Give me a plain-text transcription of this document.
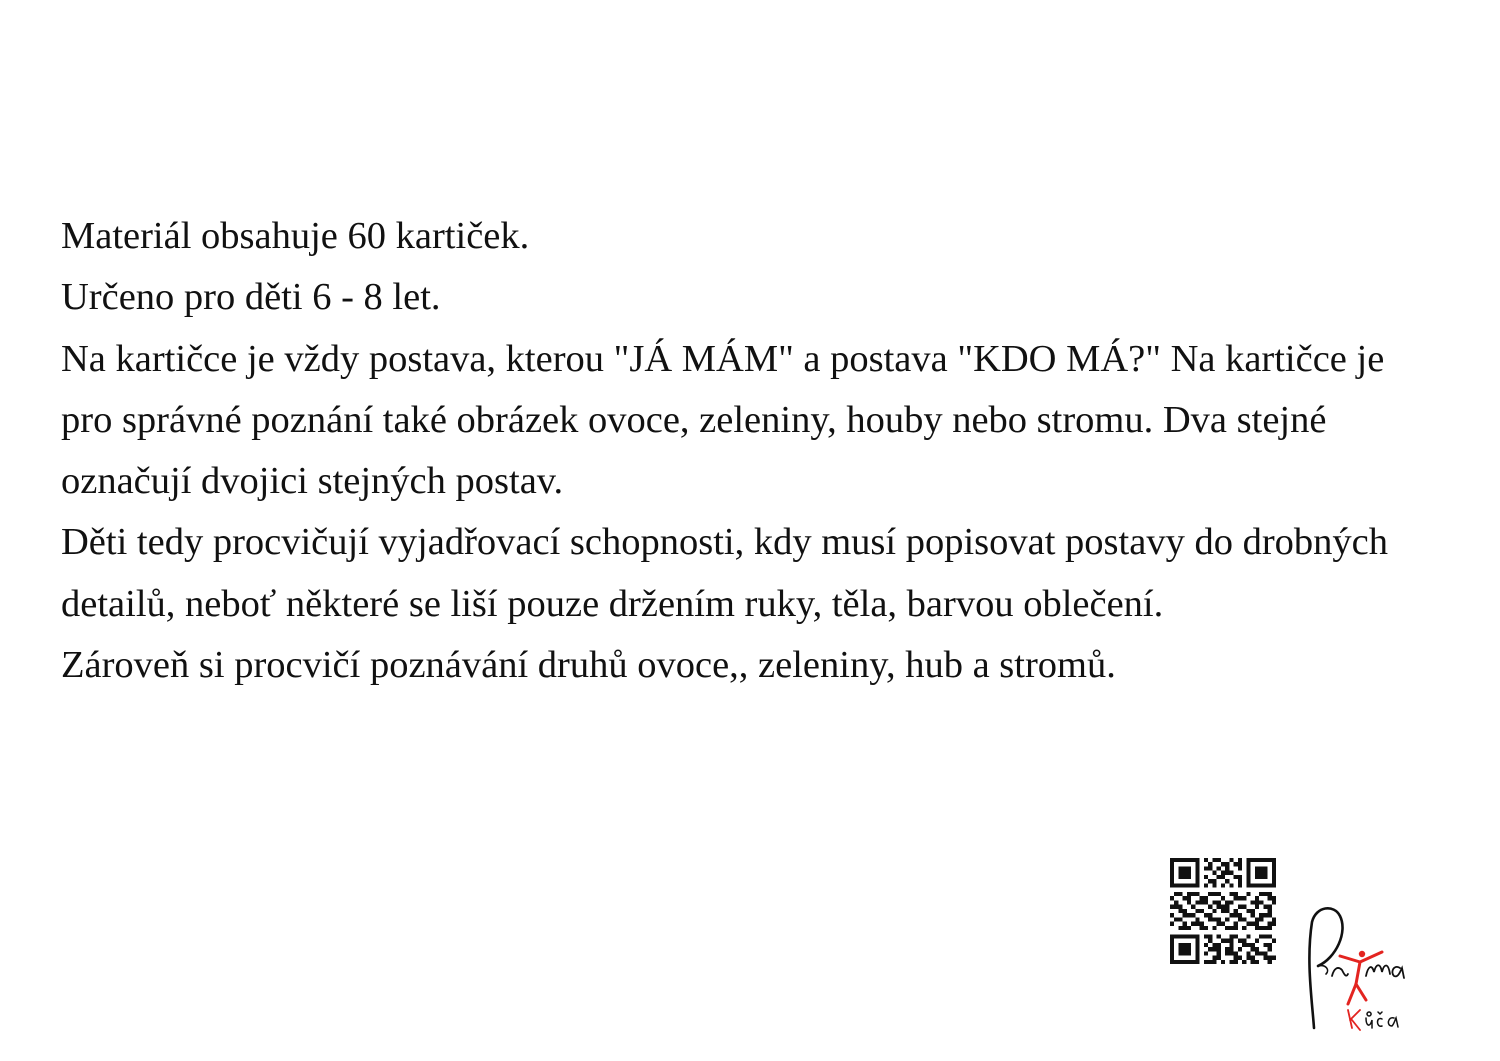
Materiál obsahuje 60 kartiček.

Určeno pro děti 6 - 8 let.

Na kartičce je vždy postava, kterou "JÁ MÁM" a postava "KDO MÁ?" Na kartičce je pro správné poznání také obrázek ovoce, zeleniny, houby nebo stromu. Dva stejné označují dvojici stejných postav.

Děti tedy procvičují vyjadřovací schopnosti, kdy musí popisovat postavy do drobných detailů, neboť některé se liší pouze držením ruky, těla, barvou oblečení.

Zároveň si procvičí poznávání druhů ovoce,, zeleniny, hub a stromů.
